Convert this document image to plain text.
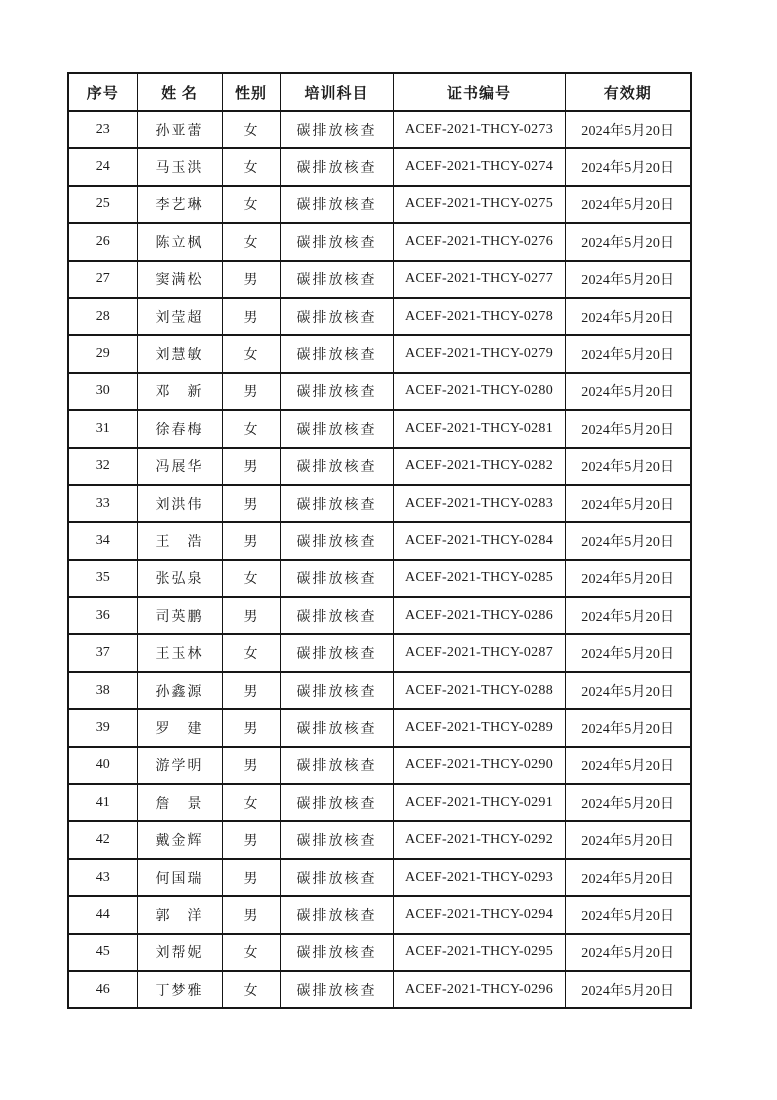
序号	姓 名	性别	培训科目	证书编号	有效期
23	孙亚蕾	女	碳排放核查	ACEF-2021-THCY-0273	2024年5月20日
24	马玉洪	女	碳排放核查	ACEF-2021-THCY-0274	2024年5月20日
25	李艺琳	女	碳排放核查	ACEF-2021-THCY-0275	2024年5月20日
26	陈立枫	女	碳排放核查	ACEF-2021-THCY-0276	2024年5月20日
27	窦满松	男	碳排放核查	ACEF-2021-THCY-0277	2024年5月20日
28	刘莹超	男	碳排放核查	ACEF-2021-THCY-0278	2024年5月20日
29	刘慧敏	女	碳排放核查	ACEF-2021-THCY-0279	2024年5月20日
30	邓　新	男	碳排放核查	ACEF-2021-THCY-0280	2024年5月20日
31	徐春梅	女	碳排放核查	ACEF-2021-THCY-0281	2024年5月20日
32	冯展华	男	碳排放核查	ACEF-2021-THCY-0282	2024年5月20日
33	刘洪伟	男	碳排放核查	ACEF-2021-THCY-0283	2024年5月20日
34	王　浩	男	碳排放核查	ACEF-2021-THCY-0284	2024年5月20日
35	张弘泉	女	碳排放核查	ACEF-2021-THCY-0285	2024年5月20日
36	司英鹏	男	碳排放核查	ACEF-2021-THCY-0286	2024年5月20日
37	王玉林	女	碳排放核查	ACEF-2021-THCY-0287	2024年5月20日
38	孙鑫源	男	碳排放核查	ACEF-2021-THCY-0288	2024年5月20日
39	罗　建	男	碳排放核查	ACEF-2021-THCY-0289	2024年5月20日
40	游学明	男	碳排放核查	ACEF-2021-THCY-0290	2024年5月20日
41	詹　景	女	碳排放核查	ACEF-2021-THCY-0291	2024年5月20日
42	戴金辉	男	碳排放核查	ACEF-2021-THCY-0292	2024年5月20日
43	何国瑞	男	碳排放核查	ACEF-2021-THCY-0293	2024年5月20日
44	郭　洋	男	碳排放核查	ACEF-2021-THCY-0294	2024年5月20日
45	刘帮妮	女	碳排放核查	ACEF-2021-THCY-0295	2024年5月20日
46	丁梦雅	女	碳排放核查	ACEF-2021-THCY-0296	2024年5月20日
